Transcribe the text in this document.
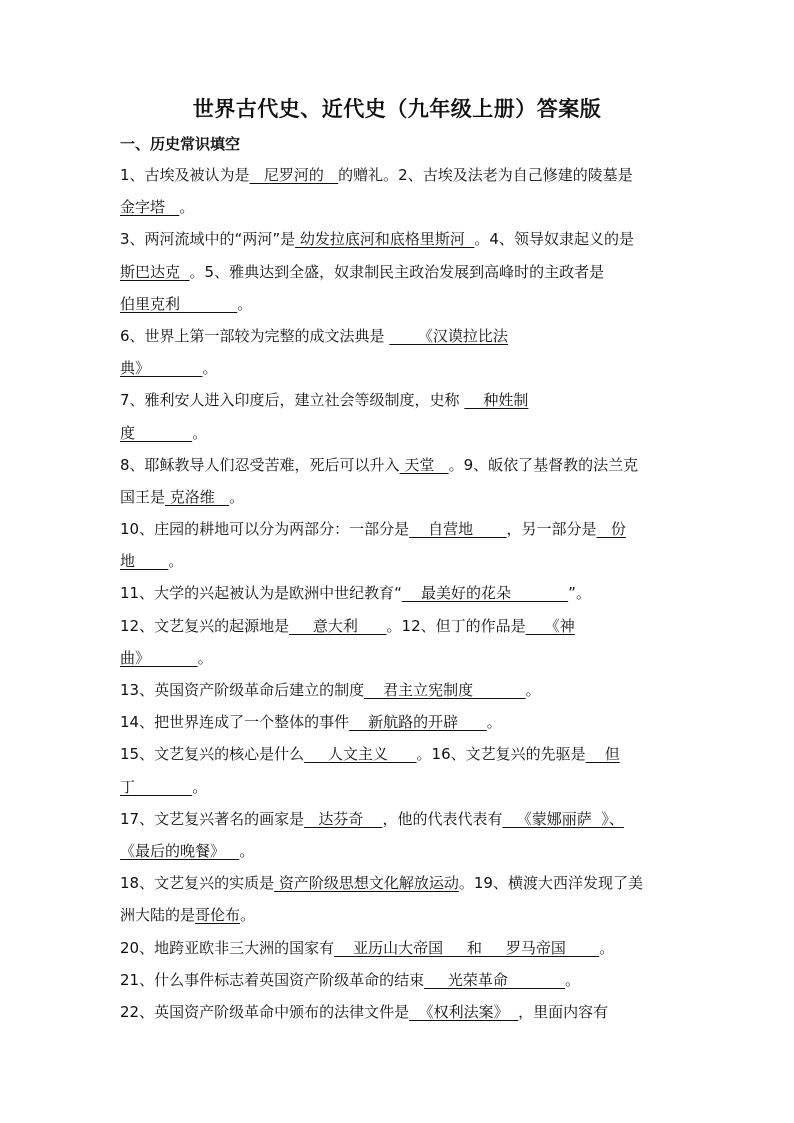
世界古代史、近代史（九年级上册）答案版
一、历史常识填空
1、古埃及被认为是   尼罗河的   的赠礼。2、古埃及法老为自己修建的陵墓是
金字塔   。
3、两河流域中的“两河”是 幼发拉底河和底格里斯河  。4、领导奴隶起义的是
斯巴达克  。5、雅典达到全盛，奴隶制民主政治发展到高峰时的主政者是
伯里克利            。
6、世界上第一部较为完整的成文法典是       《汉谟拉比法
典》           。
7、雅利安人进入印度后，建立社会等级制度，史称     种姓制
度            。
8、耶稣教导人们忍受苦难，死后可以升入 天堂   。9、皈依了基督教的法兰克
国王是 克洛维   。
10、庄园的耕地可以分为两部分：一部分是    自营地       ，另一部分是   份
地       。
11、大学的兴起被认为是欧洲中世纪教育“    最美好的花朵            ”。
12、文艺复兴的起源地是     意大利      。12、但丁的作品是    《神
曲》          。
13、英国资产阶级革命后建立的制度    君主立宪制度           。
14、把世界连成了一个整体的事件    新航路的开辟      。
15、文艺复兴的核心是什么     人文主义      。16、文艺复兴的先驱是    但
丁            。
17、文艺复兴著名的画家是   达芬奇    ，他的代表代表有   《蒙娜丽萨  》、
《最后的晚餐》   。
18、文艺复兴的实质是 资产阶级思想文化解放运动。19、横渡大西洋发现了美
洲大陆的是哥伦布。
20、地跨亚欧非三大洲的国家有    亚历山大帝国     和     罗马帝国       。
21、什么事件标志着英国资产阶级革命的结束     光荣革命            。
22、英国资产阶级革命中颁布的法律文件是  《权利法案》  ，里面内容有
